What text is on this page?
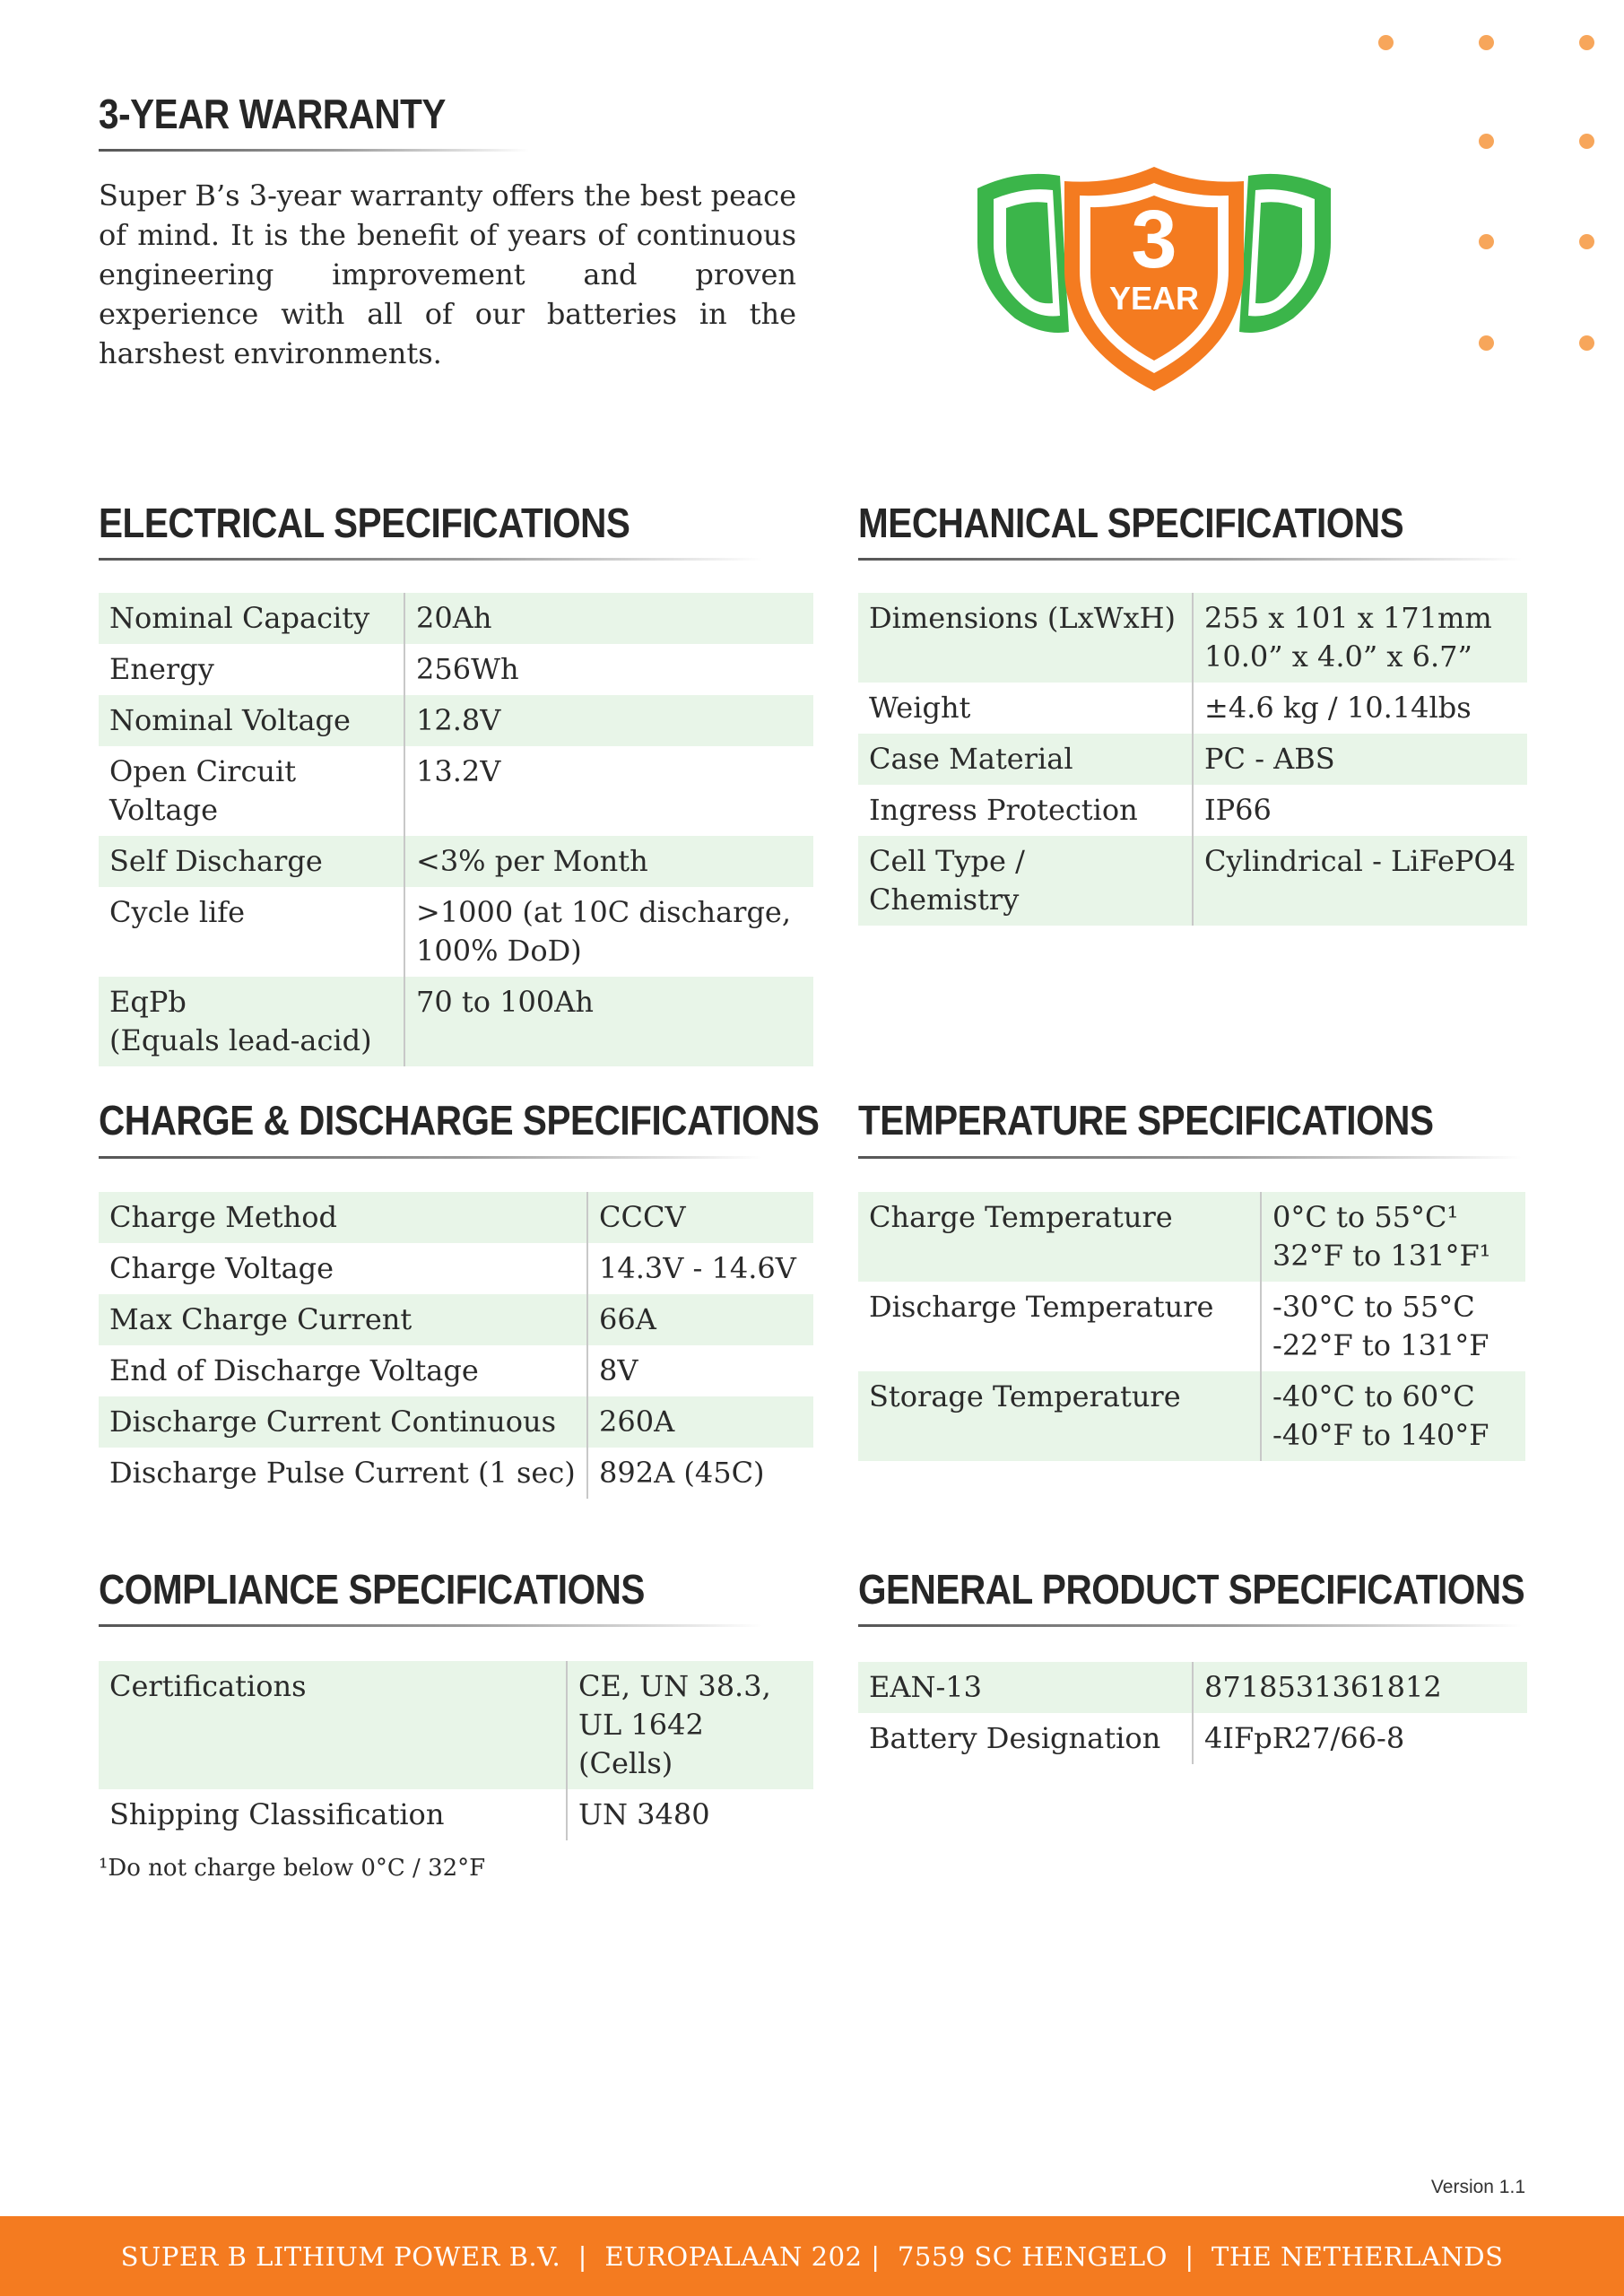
3-YEAR WARRANTY

Super B’s 3-year warranty offers the best peace of mind. It is the benefit of years of continuous engineering improvement and proven experience with all of our batteries in the harshest environments.

3
YEAR
ELECTRICAL SPECIFICATIONS
Nominal Capacity	20Ah
Energy	256Wh
Nominal Voltage	12.8V
Open Circuit Voltage	13.2V
Self Discharge	<3% per Month
Cycle life	>1000 (at 10C discharge,
100% DoD)
EqPb
(Equals lead-acid)	70 to 100Ah
MECHANICAL SPECIFICATIONS
Dimensions (LxWxH)	255 x 101 x 171mm
10.0” x 4.0” x 6.7”
Weight	±4.6 kg / 10.14lbs
Case Material	PC - ABS
Ingress Protection	IP66
Cell Type / Chemistry	Cylindrical - LiFePO4
CHARGE & DISCHARGE SPECIFICATIONS
Charge Method	CCCV
Charge Voltage	14.3V - 14.6V
Max Charge Current	66A
End of Discharge Voltage	8V
Discharge Current Continuous	260A
Discharge Pulse Current (1 sec)	892A (45C)
TEMPERATURE SPECIFICATIONS
Charge Temperature	0°C to 55°C¹
32°F to 131°F¹
Discharge Temperature	-30°C to 55°C
-22°F to 131°F
Storage Temperature	-40°C to 60°C
-40°F to 140°F
COMPLIANCE SPECIFICATIONS
Certifications	CE, UN 38.3,
UL 1642 (Cells)
Shipping Classification	UN 3480
GENERAL PRODUCT SPECIFICATIONS
EAN-13	8718531361812
Battery Designation	4IFpR27/66-8
¹Do not charge below 0°C / 32°F
Version 1.1
SUPER B LITHIUM POWER B.V.  |  EUROPALAAN 202 |  7559 SC HENGELO  |  THE NETHERLANDS
